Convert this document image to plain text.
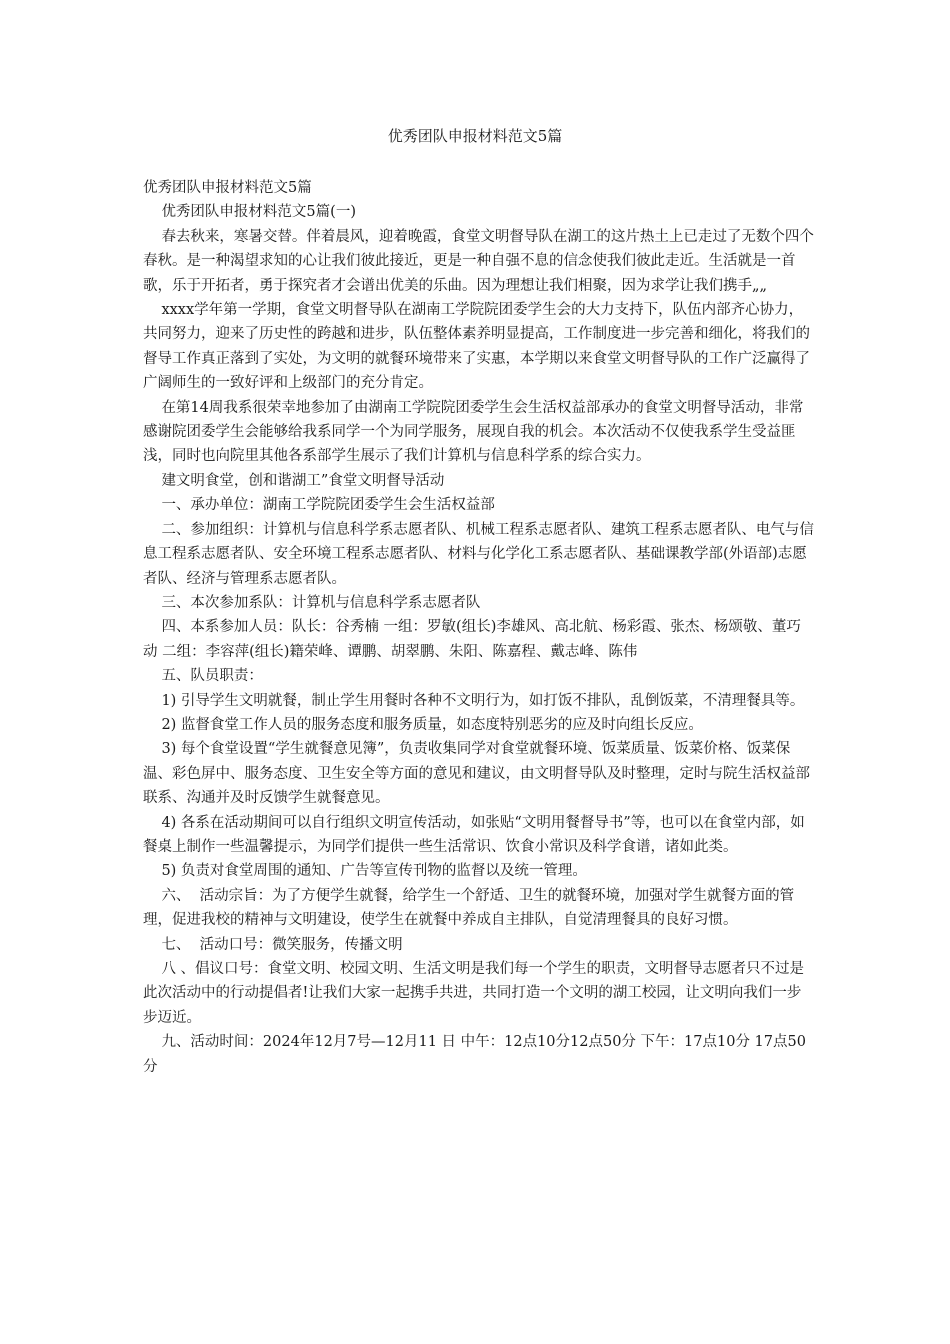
优秀团队申报材料范文5篇

优秀团队申报材料范文5篇

优秀团队申报材料范文5篇(一)

春去秋来，寒暑交替。伴着晨风，迎着晚霞，食堂文明督导队在湖工的这片热土上已走过了无数个四个春秋。是一种渴望求知的心让我们彼此接近，更是一种自强不息的信念使我们彼此走近。生活就是一首歌，乐于开拓者，勇于探究者才会谱出优美的乐曲。因为理想让我们相聚，因为求学让我们携手„„

xxxx学年第一学期，食堂文明督导队在湖南工学院院团委学生会的大力支持下，队伍内部齐心协力，共同努力，迎来了历史性的跨越和进步，队伍整体素养明显提高，工作制度进一步完善和细化，将我们的督导工作真正落到了实处，为文明的就餐环境带来了实惠，本学期以来食堂文明督导队的工作广泛赢得了广阔师生的一致好评和上级部门的充分肯定。

在第14周我系很荣幸地参加了由湖南工学院院团委学生会生活权益部承办的食堂文明督导活动，非常感谢院团委学生会能够给我系同学一个为同学服务，展现自我的机会。本次活动不仅使我系学生受益匪浅，同时也向院里其他各系部学生展示了我们计算机与信息科学系的综合实力。

建文明食堂，创和谐湖工”食堂文明督导活动

一、承办单位：湖南工学院院团委学生会生活权益部

二、参加组织：计算机与信息科学系志愿者队、机械工程系志愿者队、建筑工程系志愿者队、电气与信息工程系志愿者队、安全环境工程系志愿者队、材料与化学化工系志愿者队、基础课教学部(外语部)志愿者队、经济与管理系志愿者队。

三、本次参加系队：计算机与信息科学系志愿者队

四、本系参加人员：队长：谷秀楠 一组：罗敏(组长)李雄风、高北航、杨彩霞、张杰、杨颂敬、董巧动 二组：李容萍(组长)籍荣峰、谭鹏、胡翠鹏、朱阳、陈嘉程、戴志峰、陈伟

五、队员职责：

1) 引导学生文明就餐，制止学生用餐时各种不文明行为，如打饭不排队，乱倒饭菜，不清理餐具等。

2) 监督食堂工作人员的服务态度和服务质量，如态度特别恶劣的应及时向组长反应。

3) 每个食堂设置“学生就餐意见簿”，负责收集同学对食堂就餐环境、饭菜质量、饭菜价格、饭菜保温、彩色屏中、服务态度、卫生安全等方面的意见和建议，由文明督导队及时整理，定时与院生活权益部联系、沟通并及时反馈学生就餐意见。

4) 各系在活动期间可以自行组织文明宣传活动，如张贴“文明用餐督导书”等，也可以在食堂内部，如餐桌上制作一些温馨提示，为同学们提供一些生活常识、饮食小常识及科学食谱，诸如此类。

5) 负责对食堂周围的通知、广告等宣传刊物的监督以及统一管理。

六、  活动宗旨：为了方便学生就餐，给学生一个舒适、卫生的就餐环境，加强对学生就餐方面的管理，促进我校的精神与文明建设，使学生在就餐中养成自主排队，自觉清理餐具的良好习惯。

七、  活动口号：微笑服务，传播文明

八 、倡议口号：食堂文明、校园文明、生活文明是我们每一个学生的职责，文明督导志愿者只不过是此次活动中的行动提倡者!让我们大家一起携手共进，共同打造一个文明的湖工校园，让文明向我们一步步迈近。

九、活动时间：2024年12月7号—12月11 日 中午：12点10分12点50分 下午：17点10分 17点50分
